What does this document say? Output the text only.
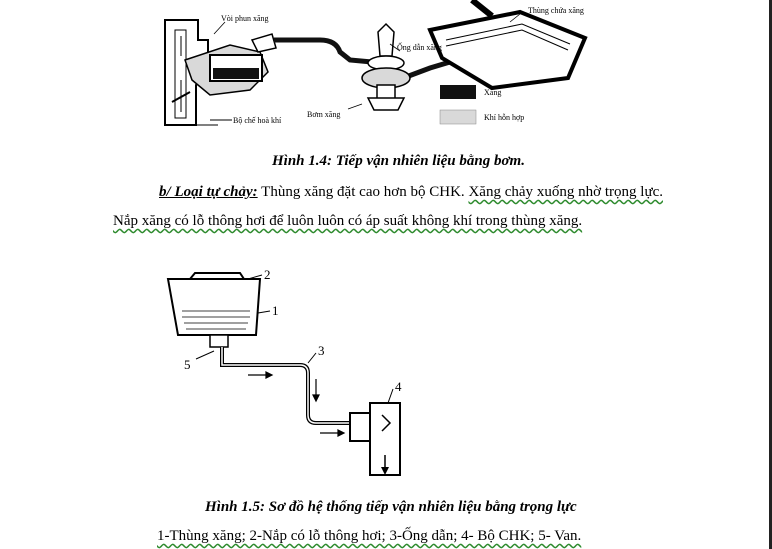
Vòi phun xăng
Ống dẫn xăng
Thùng chứa xăng
Bơm xăng
Bộ chế hoà khí
Xăng
Khí hỗn hợp
Hình 1.4: Tiếp vận nhiên liệu bằng bơm.
b/ Loại tự chảy: Thùng xăng đặt cao hơn bộ CHK. Xăng chảy xuống nhờ trọng lực. Nắp xăng có lỗ thông hơi để luôn luôn có áp suất không khí trong thùng xăng.
2
1
3
4
5
Hình 1.5: Sơ đồ hệ thống tiếp vận nhiên liệu bằng trọng lực
1-Thùng xăng; 2-Nắp có lỗ thông hơi; 3-Ống dẫn; 4- Bộ CHK; 5- Van.
